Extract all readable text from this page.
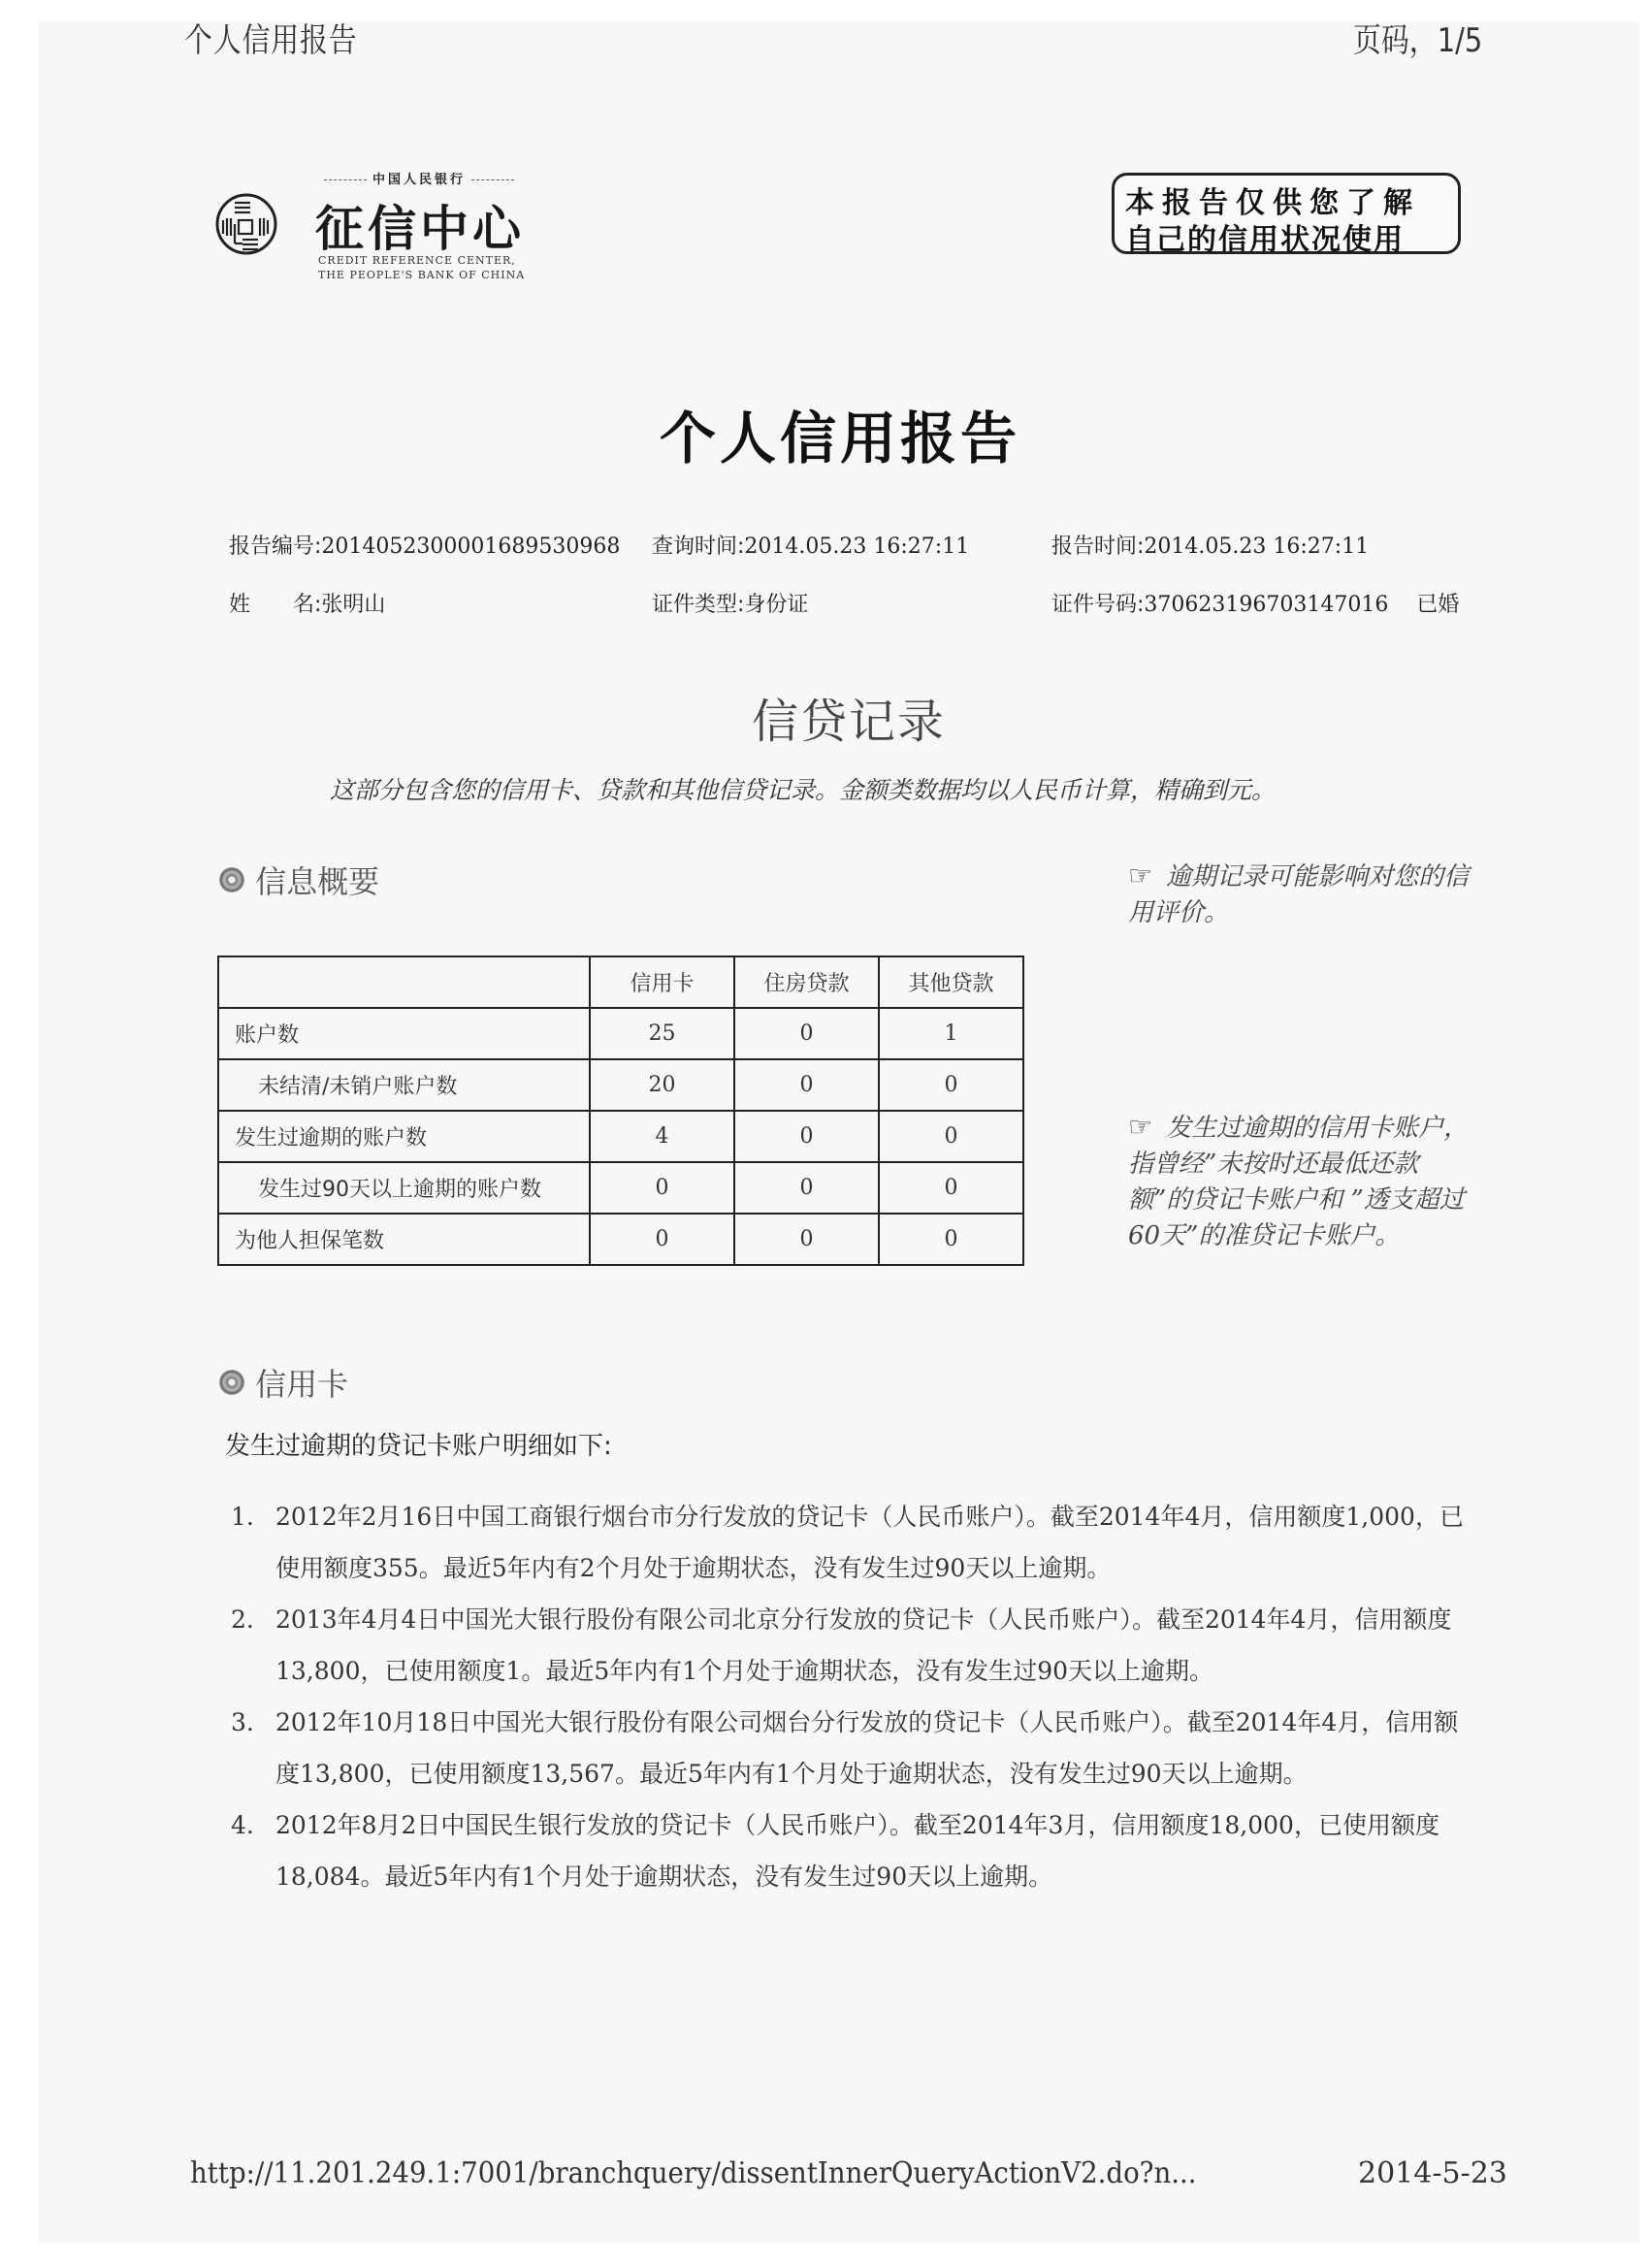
个人信用报告	页码，1/5
中国人民银行
征信中心
CREDIT REFERENCE CENTER,
THE PEOPLE'S BANK OF CHINA
本报告仅供您了解
自己的信用状况使用
个人信用报告
报告编号:2014052300001689530968 查询时间:2014.05.23 16:27:11	报告时间:2014.05.23 16:27:11
姓　　名:张明山	证件类型:身份证	证件号码:370623196703147016 已婚
信贷记录
这部分包含您的信用卡、贷款和其他信贷记录。金额类数据均以人民币计算，精确到元。
信息概要	☞ 逾期记录可能影响对您的信用评价。
☞ 发生过逾期的信用卡账户，指曾经”未按时还最低还款额”的贷记卡账户和 ”透支超过60天”的准贷记卡账户。
	信用卡	住房贷款	其他贷款
账户数	25	0	1
未结清/未销户账户数	20	0	0
发生过逾期的账户数	4	0	0
发生过90天以上逾期的账户数	0	0	0
为他人担保笔数	0	0	0
信用卡
发生过逾期的贷记卡账户明细如下:
1. 2012年2月16日中国工商银行烟台市分行发放的贷记卡（人民币账户）。截至2014年4月，信用额度1,000，已使用额度355。最近5年内有2个月处于逾期状态，没有发生过90天以上逾期。
2. 2013年4月4日中国光大银行股份有限公司北京分行发放的贷记卡（人民币账户）。截至2014年4月，信用额度13,800，已使用额度1。最近5年内有1个月处于逾期状态，没有发生过90天以上逾期。
3. 2012年10月18日中国光大银行股份有限公司烟台分行发放的贷记卡（人民币账户）。截至2014年4月，信用额度13,800，已使用额度13,567。最近5年内有1个月处于逾期状态，没有发生过90天以上逾期。
4. 2012年8月2日中国民生银行发放的贷记卡（人民币账户）。截至2014年3月，信用额度18,000，已使用额度18,084。最近5年内有1个月处于逾期状态，没有发生过90天以上逾期。
http://11.201.249.1:7001/branchquery/dissentInnerQueryActionV2.do?n...	2014-5-23
